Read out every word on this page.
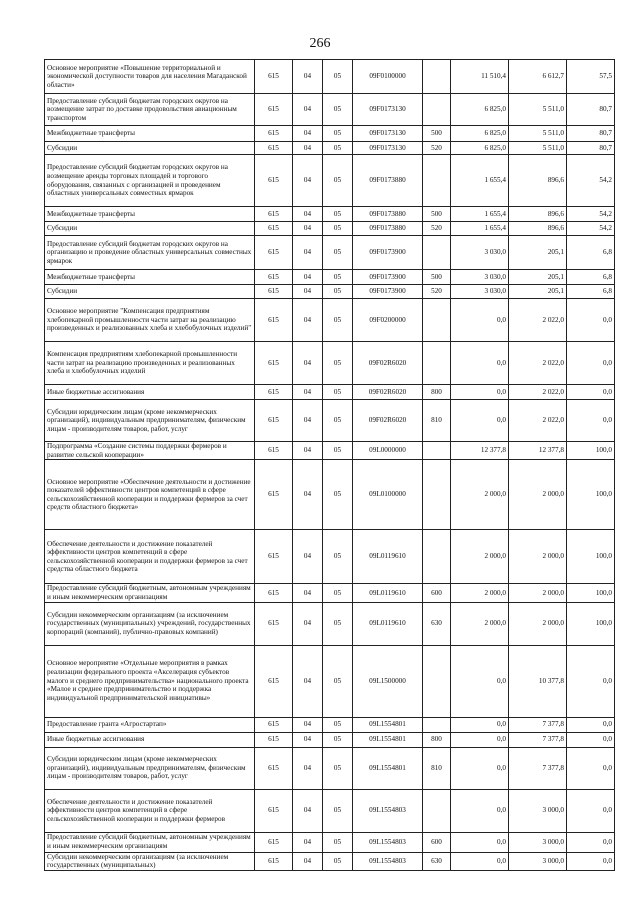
266
Основное мероприятие «Повышение территориальной и экономической доступности товаров для населения Магаданской области»	615	04	05	09F0100000		11 510,4	6 612,7	57,5
Предоставление субсидий бюджетам городских округов на возмещение затрат по доставке продовольствия авиационным транспортом	615	04	05	09F0173130		6 825,0	5 511,0	80,7
Межбюджетные трансферты	615	04	05	09F0173130	500	6 825,0	5 511,0	80,7
Субсидии	615	04	05	09F0173130	520	6 825,0	5 511,0	80,7
Предоставление субсидий бюджетам городских округов на возмещение аренды торговых площадей и торгового оборудования, связанных с организацией и проведением областных универсальных совместных ярмарок	615	04	05	09F0173880		1 655,4	896,6	54,2
Межбюджетные трансферты	615	04	05	09F0173880	500	1 655,4	896,6	54,2
Субсидии	615	04	05	09F0173880	520	1 655,4	896,6	54,2
Предоставление субсидий бюджетам городских округов на организацию и проведение областных универсальных совместных ярмарок	615	04	05	09F0173900		3 030,0	205,1	6,8
Межбюджетные трансферты	615	04	05	09F0173900	500	3 030,0	205,1	6,8
Субсидии	615	04	05	09F0173900	520	3 030,0	205,1	6,8
Основное мероприятие "Компенсация предприятиям хлебопекарной промышленности части затрат на реализацию произведенных и реализованных хлеба и хлебобулочных изделий"	615	04	05	09F0200000		0,0	2 022,0	0,0
Компенсация предприятиям хлебопекарной промышленности части затрат на реализацию произведенных и реализованных хлеба и хлебобулочных изделий	615	04	05	09F02R6020		0,0	2 022,0	0,0
Иные бюджетные ассигнования	615	04	05	09F02R6020	800	0,0	2 022,0	0,0
Субсидии юридическим лицам (кроме некоммерческих организаций), индивидуальным предпринимателям, физическим лицам - производителям товаров, работ, услуг	615	04	05	09F02R6020	810	0,0	2 022,0	0,0
Подпрограмма «Создание системы поддержки фермеров и развитие сельской кооперации»	615	04	05	09L0000000		12 377,8	12 377,8	100,0
Основное мероприятие «Обеспечение деятельности и достижение показателей эффективности центров компетенций в сфере сельскохозяйственной кооперации и поддержки фермеров за счет средств областного бюджета»	615	04	05	09L0100000		2 000,0	2 000,0	100,0
Обеспечение деятельности и достижение показателей эффективности центров компетенций в сфере сельскохозяйственной кооперации и поддержки фермеров за счет средства областного бюджета	615	04	05	09L0119610		2 000,0	2 000,0	100,0
Предоставление субсидий бюджетным, автономным учреждениям и иным некоммерческим организациям	615	04	05	09L0119610	600	2 000,0	2 000,0	100,0
Субсидии некоммерческим организациям (за исключением государственных (муниципальных) учреждений, государственных корпораций (компаний), публично-правовых компаний)	615	04	05	09L0119610	630	2 000,0	2 000,0	100,0
Основное мероприятие «Отдельные мероприятия в рамках реализации федерального проекта «Акселерация субъектов малого и среднего предпринимательства» национального проекта «Малое и среднее предпринимательство и поддержка индивидуальной предпринимательской инициативы»	615	04	05	09L1500000		0,0	10 377,8	0,0
Предоставление гранта «Агростартап»	615	04	05	09L1554801		0,0	7 377,8	0,0
Иные бюджетные ассигнования	615	04	05	09L1554801	800	0,0	7 377,8	0,0
Субсидии юридическим лицам (кроме некоммерческих организаций), индивидуальным предпринимателям, физическим лицам - производителям товаров, работ, услуг	615	04	05	09L1554801	810	0,0	7 377,8	0,0
Обеспечение деятельности и достижение показателей эффективности центров компетенций в сфере сельскохозяйственной кооперации и поддержки фермеров	615	04	05	09L1554803		0,0	3 000,0	0,0
Предоставление субсидий бюджетным, автономным учреждениям и иным некоммерческим организациям	615	04	05	09L1554803	600	0,0	3 000,0	0,0
Субсидии некоммерческим организациям (за исключением государственных (муниципальных)	615	04	05	09L1554803	630	0,0	3 000,0	0,0
